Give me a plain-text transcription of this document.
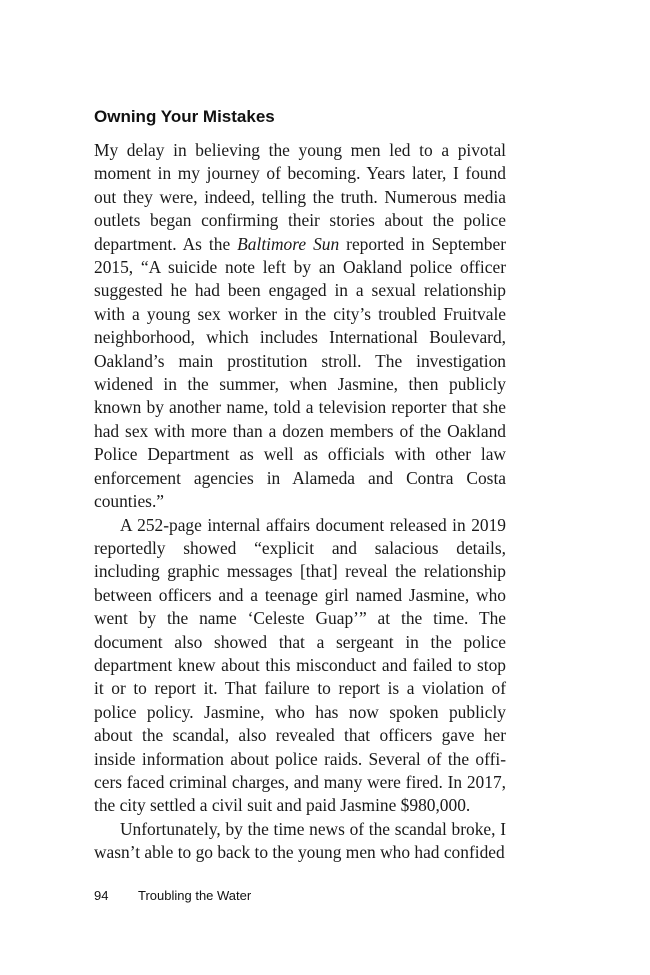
Owning Your Mistakes

My delay in believing the young men led to a pivotal moment in my journey of becoming. Years later, I found out they were, indeed, telling the truth. Numerous media outlets began confirming their stories about the police department. As the Baltimore Sun reported in September 2015, “A suicide note left by an Oakland police officer suggested he had been engaged in a sexual relationship with a young sex worker in the city’s troubled Fruitvale neighborhood, which includes International Boulevard, Oakland’s main prostitution stroll. The investigation widened in the summer, when Jasmine, then publicly known by another name, told a television reporter that she had sex with more than a dozen members of the Oakland Police Department as well as officials with other law enforcement agencies in Alameda and Contra Costa counties.”

A 252-page internal affairs document released in 2019 reportedly showed “explicit and salacious details, including graphic messages [that] reveal the relationship between officers and a teenage girl named Jasmine, who went by the name ‘Celeste Guap’” at the time. The document also showed that a sergeant in the police department knew about this misconduct and failed to stop it or to report it. That failure to report is a violation of police policy. Jasmine, who has now spoken publicly about the scandal, also revealed that officers gave her inside information about police raids. Several of the officers faced criminal charges, and many were fired. In 2017, the city settled a civil suit and paid Jasmine $980,000.

Unfortunately, by the time news of the scandal broke, I wasn’t able to go back to the young men who had confided

94 Troubling the Water
